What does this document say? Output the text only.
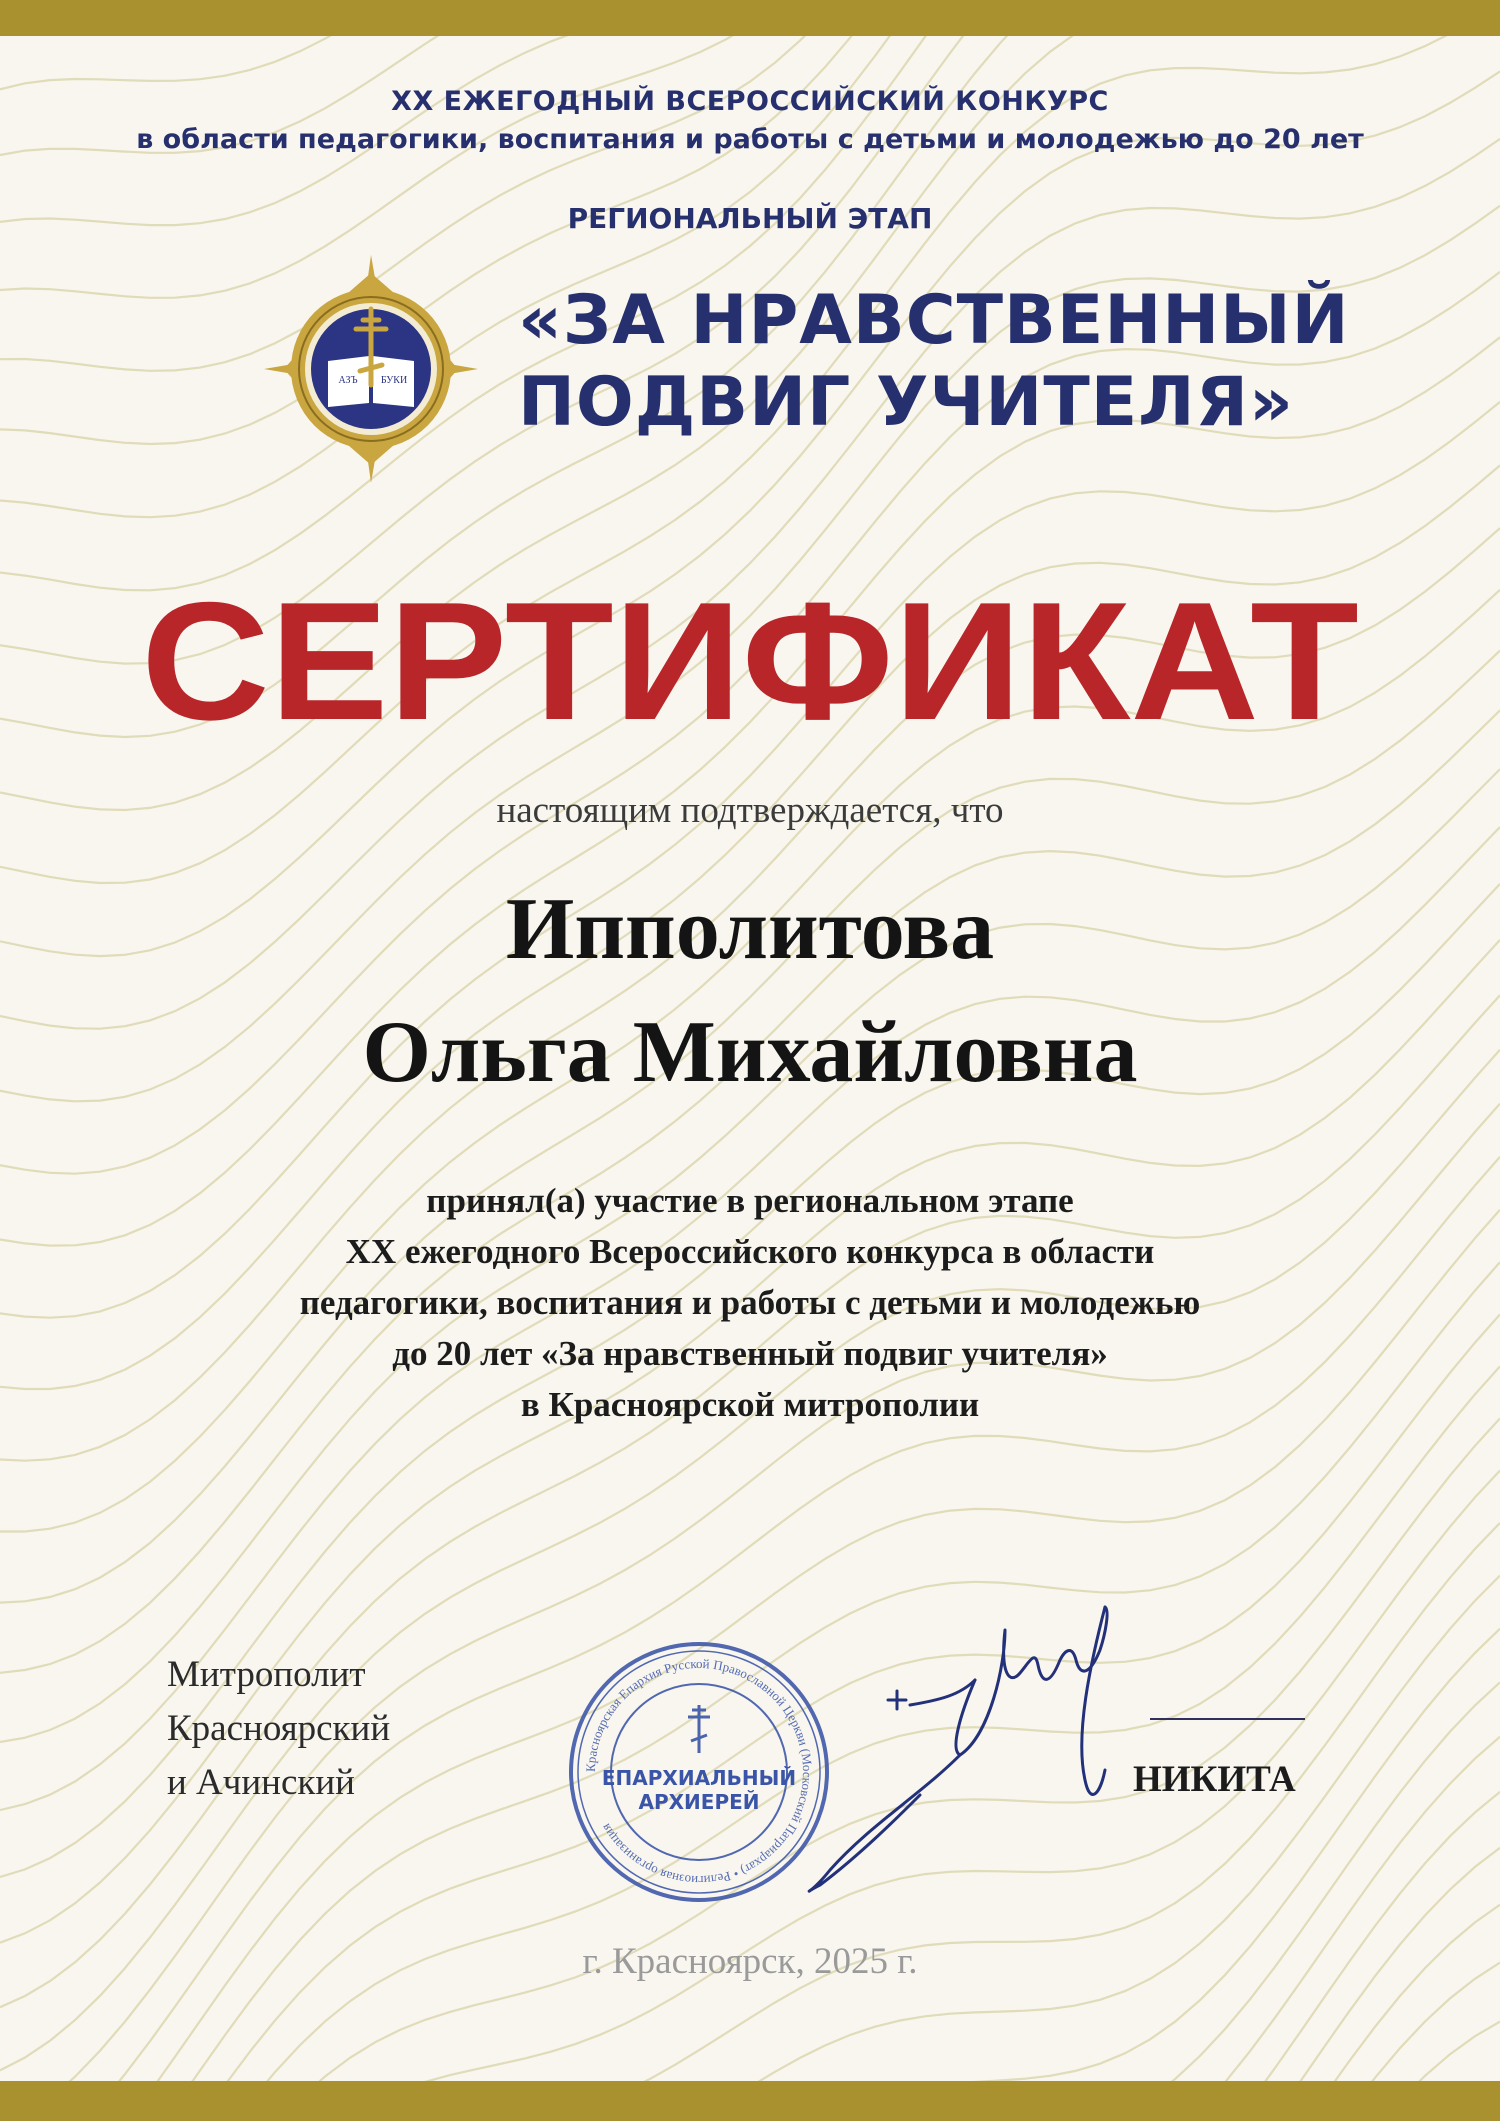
XX ЕЖЕГОДНЫЙ ВСЕРОССИЙСКИЙ КОНКУРС
в области педагогики, воспитания и работы с детьми и молодежью до 20 лет
РЕГИОНАЛЬНЫЙ ЭТАП
АЗЪ БУКИ
«ЗА НРАВСТВЕННЫЙ
ПОДВИГ УЧИТЕЛЯ»
СЕРТИФИКАТ
настоящим подтверждается, что
Ипполитова
Ольга Михайловна
принял(а) участие в региональном этапе
XX ежегодного Всероссийского конкурса в области
педагогики, воспитания и работы с детьми и молодежью
до 20 лет «За нравственный подвиг учителя»
в Красноярской митрополии
Митрополит
Красноярский
и Ачинский	Красноярская Епархия Русской Православной Церкви (Московский Патриархат) • Религиозная организация
ЕПАРХИАЛЬНЫЙ
АРХИЕРЕЙ
НИКИТА
г. Красноярск, 2025 г.
